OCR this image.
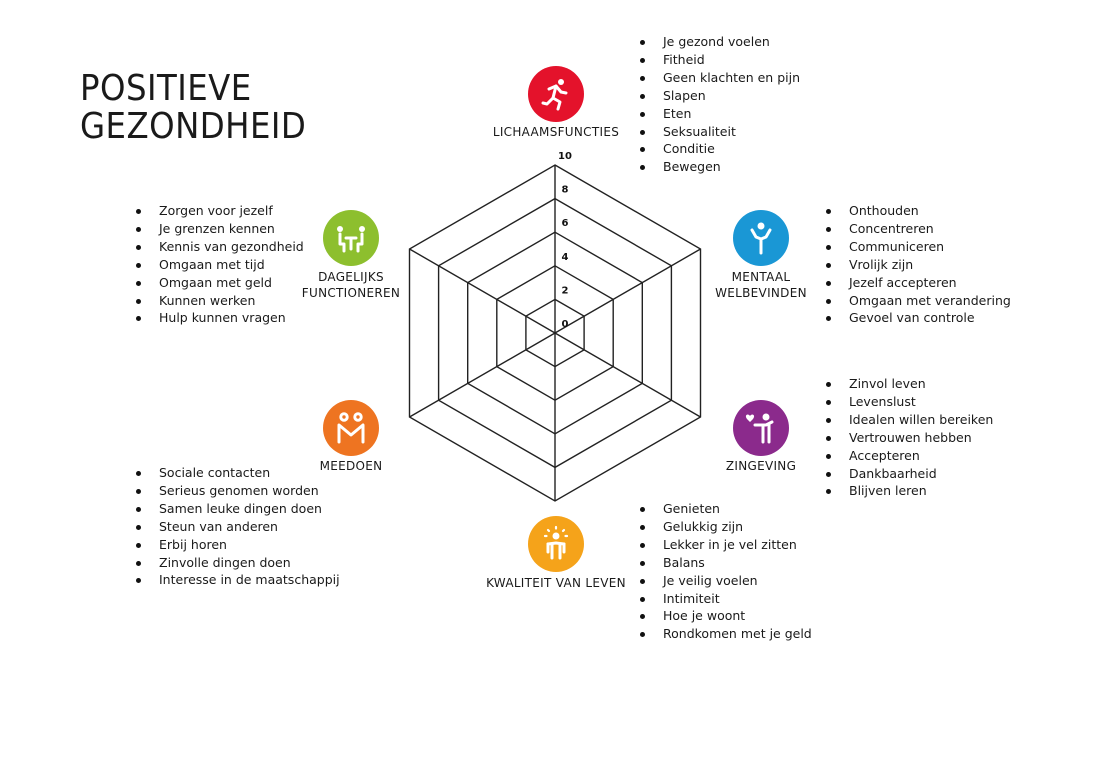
POSITIEVE
GEZONDHEID
0
2
4
6
8
10
LICHAAMSFUNCTIES
Je gezond voelen
Fitheid
Geen klachten en pijn
Slapen
Eten
Seksualiteit
Conditie
Bewegen
MENTAAL
WELBEVINDEN
Onthouden
Concentreren
Communiceren
Vrolijk zijn
Jezelf accepteren
Omgaan met verandering
Gevoel van controle
ZINGEVING
Zinvol leven
Levenslust
Idealen willen bereiken
Vertrouwen hebben
Accepteren
Dankbaarheid
Blijven leren
KWALITEIT VAN LEVEN
Genieten
Gelukkig zijn
Lekker in je vel zitten
Balans
Je veilig voelen
Intimiteit
Hoe je woont
Rondkomen met je geld
MEEDOEN
Sociale contacten
Serieus genomen worden
Samen leuke dingen doen
Steun van anderen
Erbij horen
Zinvolle dingen doen
Interesse in de maatschappij
DAGELIJKS
FUNCTIONEREN
Zorgen voor jezelf
Je grenzen kennen
Kennis van gezondheid
Omgaan met tijd
Omgaan met geld
Kunnen werken
Hulp kunnen vragen
